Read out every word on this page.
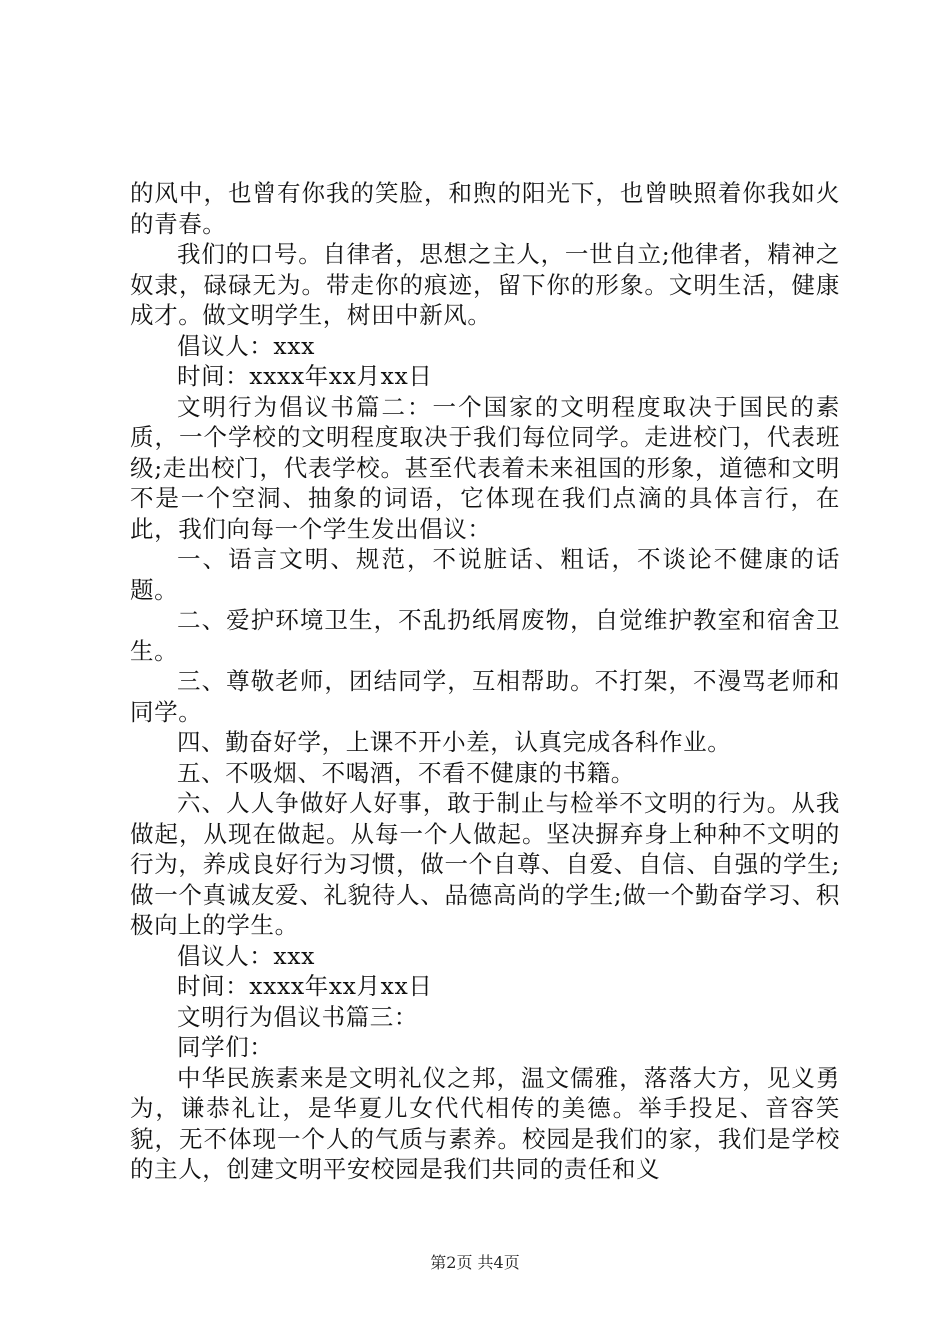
的风中，也曾有你我的笑脸，和煦的阳光下，也曾映照着你我如火的青春。

我们的口号。自律者，思想之主人，一世自立;他律者，精神之奴隶，碌碌无为。带走你的痕迹，留下你的形象。文明生活，健康成才。做文明学生，树田中新风。

倡议人：xxx

时间：xxxx年xx月xx日

文明行为倡议书篇二：一个国家的文明程度取决于国民的素质，一个学校的文明程度取决于我们每位同学。走进校门，代表班级;走出校门，代表学校。甚至代表着未来祖国的形象，道德和文明不是一个空洞、抽象的词语，它体现在我们点滴的具体言行，在此，我们向每一个学生发出倡议：

一、语言文明、规范，不说脏话、粗话，不谈论不健康的话题。

二、爱护环境卫生，不乱扔纸屑废物，自觉维护教室和宿舍卫生。

三、尊敬老师，团结同学，互相帮助。不打架，不漫骂老师和同学。

四、勤奋好学，上课不开小差，认真完成各科作业。

五、不吸烟、不喝酒，不看不健康的书籍。

六、人人争做好人好事，敢于制止与检举不文明的行为。从我做起，从现在做起。从每一个人做起。坚决摒弃身上种种不文明的行为，养成良好行为习惯，做一个自尊、自爱、自信、自强的学生;做一个真诚友爱、礼貌待人、品德高尚的学生;做一个勤奋学习、积极向上的学生。

倡议人：xxx

时间：xxxx年xx月xx日

文明行为倡议书篇三：

同学们：

中华民族素来是文明礼仪之邦，温文儒雅，落落大方，见义勇为，谦恭礼让，是华夏儿女代代相传的美德。举手投足、音容笑貌，无不体现一个人的气质与素养。校园是我们的家，我们是学校的主人，创建文明平安校园是我们共同的责任和义

第2页 共4页
